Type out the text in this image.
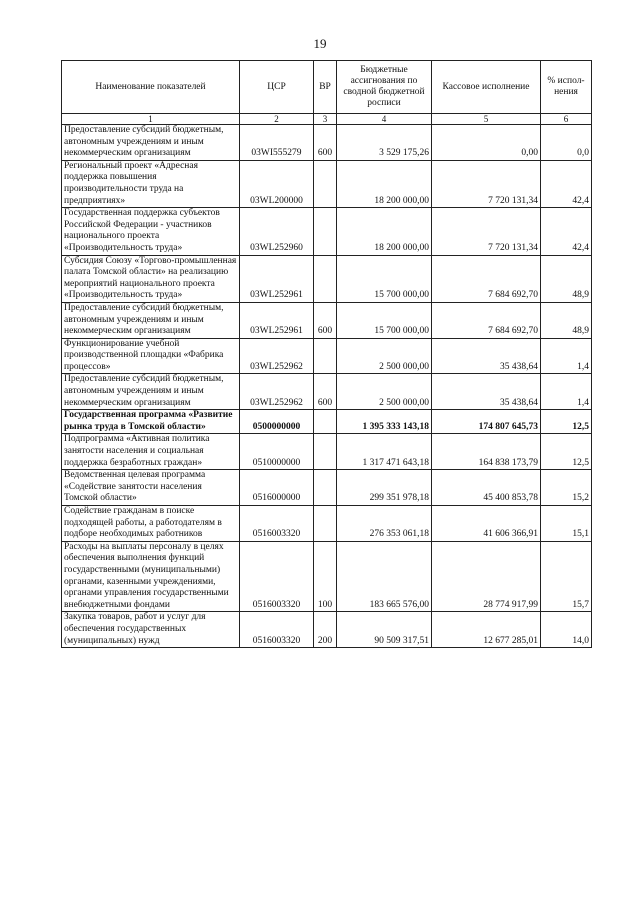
19
Наименование показателей	ЦСР	ВР	Бюджетные ассигнования по сводной бюджетной росписи	Кассовое исполнение	% испол-нения
1	2	3	4	5	6
Предоставление субсидий бюджетным, автономным учреждениям и иным некоммерческим организациям	03WI555279	600	3 529 175,26	0,00	0,0
Региональный проект «Адресная поддержка повышения производительности труда на предприятиях»	03WL200000		18 200 000,00	7 720 131,34	42,4
Государственная поддержка субъектов Российской Федерации - участников национального проекта «Производительность труда»	03WL252960		18 200 000,00	7 720 131,34	42,4
Субсидия Союзу «Торгово-промышленная палата Томской области» на реализацию мероприятий национального проекта «Производительность труда»	03WL252961		15 700 000,00	7 684 692,70	48,9
Предоставление субсидий бюджетным, автономным учреждениям и иным некоммерческим организациям	03WL252961	600	15 700 000,00	7 684 692,70	48,9
Функционирование учебной производственной площадки «Фабрика процессов»	03WL252962		2 500 000,00	35 438,64	1,4
Предоставление субсидий бюджетным, автономным учреждениям и иным некоммерческим организациям	03WL252962	600	2 500 000,00	35 438,64	1,4
Государственная программа «Развитие рынка труда в Томской области»	0500000000		1 395 333 143,18	174 807 645,73	12,5
Подпрограмма «Активная политика занятости населения и социальная поддержка безработных граждан»	0510000000		1 317 471 643,18	164 838 173,79	12,5
Ведомственная целевая программа «Содействие занятости населения Томской области»	0516000000		299 351 978,18	45 400 853,78	15,2
Содействие гражданам в поиске подходящей работы, а работодателям в подборе необходимых работников	0516003320		276 353 061,18	41 606 366,91	15,1
Расходы на выплаты персоналу в целях обеспечения выполнения функций государственными (муниципальными) органами, казенными учреждениями, органами управления государственными внебюджетными фондами	0516003320	100	183 665 576,00	28 774 917,99	15,7
Закупка товаров, работ и услуг для обеспечения государственных (муниципальных) нужд	0516003320	200	90 509 317,51	12 677 285,01	14,0
